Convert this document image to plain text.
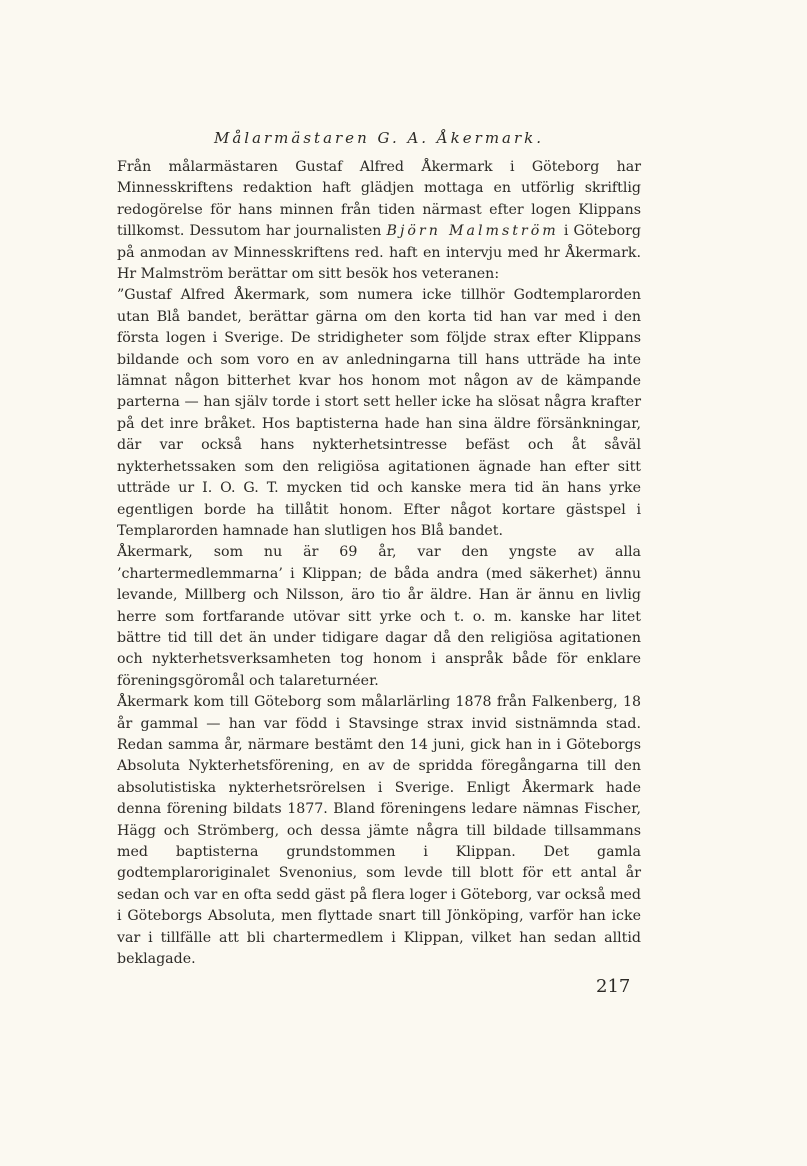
Målarmästaren G. A. Åkermark.

Från målarmästaren Gustaf Alfred Åkermark i Göteborg har Minnesskriftens redaktion haft glädjen mottaga en utförlig skriftlig redogörelse för hans minnen från tiden närmast efter logen Klippans tillkomst. Dessutom har journalisten Björn Malmström i Göteborg på anmodan av Minnesskriftens red. haft en intervju med hr Åkermark. Hr Malmström berättar om sitt besök hos veteranen:

”Gustaf Alfred Åkermark, som numera icke tillhör Godtemplarorden utan Blå bandet, berättar gärna om den korta tid han var med i den första logen i Sverige. De stridigheter som följde strax efter Klippans bildande och som voro en av anledningarna till hans utträde ha inte lämnat någon bitterhet kvar hos honom mot någon av de kämpande parterna — han själv torde i stort sett heller icke ha slösat några krafter på det inre bråket. Hos baptisterna hade han sina äldre försänkningar, där var också hans nykterhetsintresse befäst och åt såväl nykterhetssaken som den religiösa agitationen ägnade han efter sitt utträde ur I. O. G. T. mycken tid och kanske mera tid än hans yrke egentligen borde ha tillåtit honom. Efter något kortare gästspel i Templarorden hamnade han slutligen hos Blå bandet.

Åkermark, som nu är 69 år, var den yngste av alla ’chartermedlemmarna’ i Klippan; de båda andra (med säkerhet) ännu levande, Millberg och Nilsson, äro tio år äldre. Han är ännu en livlig herre som fortfarande utövar sitt yrke och t. o. m. kanske har litet bättre tid till det än under tidigare dagar då den religiösa agitationen och nykterhetsverksamheten tog honom i anspråk både för enklare föreningsgöromål och talareturnéer.

Åkermark kom till Göteborg som målarlärling 1878 från Falkenberg, 18 år gammal — han var född i Stavsinge strax invid sistnämnda stad. Redan samma år, närmare bestämt den 14 juni, gick han in i Göteborgs Absoluta Nykterhetsförening, en av de spridda föregångarna till den absolutistiska nykterhetsrörelsen i Sverige. Enligt Åkermark hade denna förening bildats 1877. Bland föreningens ledare nämnas Fischer, Hägg och Strömberg, och dessa jämte några till bildade tillsammans med baptisterna grundstommen i Klippan. Det gamla godtemplaroriginalet Svenonius, som levde till blott för ett antal år sedan och var en ofta sedd gäst på flera loger i Göteborg, var också med i Göteborgs Absoluta, men flyttade snart till Jönköping, varför han icke var i tillfälle att bli chartermedlem i Klippan, vilket han sedan alltid beklagade.

217
